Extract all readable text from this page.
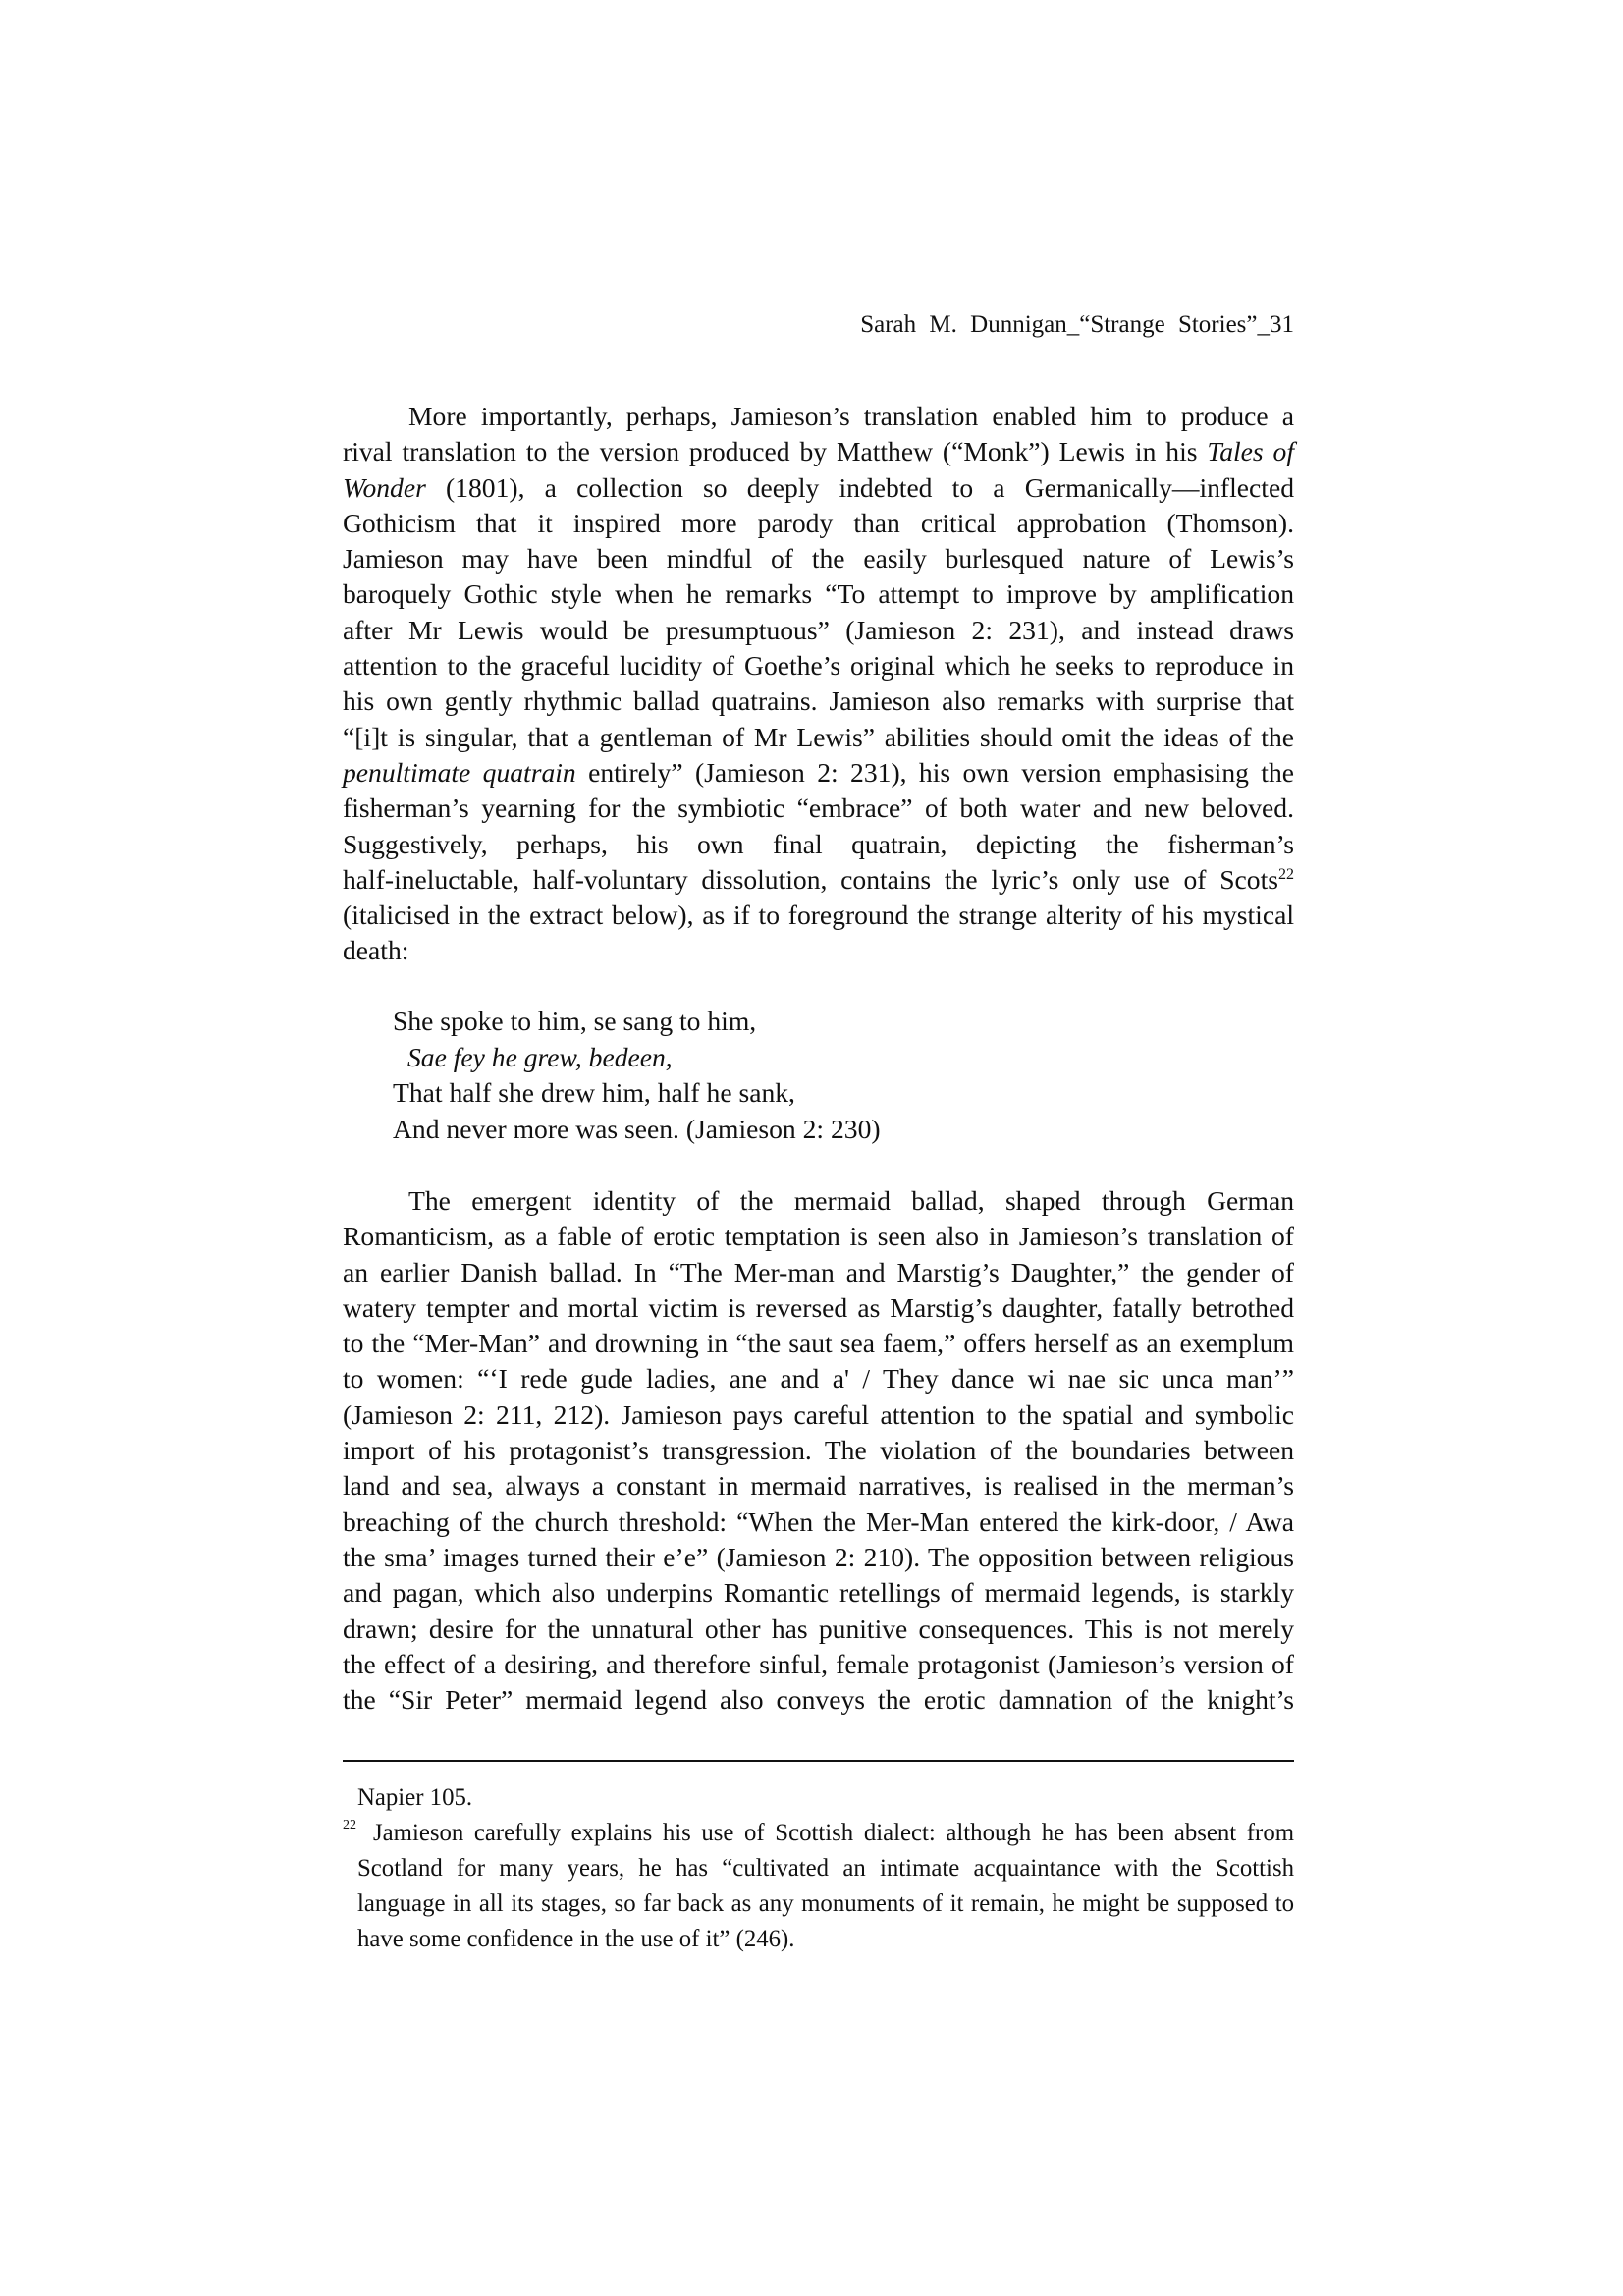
Sarah M. Dunnigan_“Strange Stories”_31
More importantly, perhaps, Jamieson’s translation enabled him to produce a
rival translation to the version produced by Matthew (“Monk”) Lewis in his Tales of
Wonder (1801), a collection so deeply indebted to a Germanically—inflected
Gothicism that it inspired more parody than critical approbation (Thomson).
Jamieson may have been mindful of the easily burlesqued nature of Lewis’s
baroquely Gothic style when he remarks “To attempt to improve by amplification
after Mr Lewis would be presumptuous” (Jamieson 2: 231), and instead draws
attention to the graceful lucidity of Goethe’s original which he seeks to reproduce in
his own gently rhythmic ballad quatrains. Jamieson also remarks with surprise that
“[i]t is singular, that a gentleman of Mr Lewis” abilities should omit the ideas of the
penultimate quatrain entirely” (Jamieson 2: 231), his own version emphasising the
fisherman’s yearning for the symbiotic “embrace” of both water and new beloved.
Suggestively, perhaps, his own final quatrain, depicting the fisherman’s
half-ineluctable, half-voluntary dissolution, contains the lyric’s only use of Scots$^{22}$
(italicised in the extract below), as if to foreground the strange alterity of his mystical
death:
She spoke to him, se sang to him,
Sae fey he grew, bedeen,
That half she drew him, half he sank,
And never more was seen. (Jamieson 2: 230)
The emergent identity of the mermaid ballad, shaped through German
Romanticism, as a fable of erotic temptation is seen also in Jamieson’s translation of
an earlier Danish ballad. In “The Mer-man and Marstig’s Daughter,” the gender of
watery tempter and mortal victim is reversed as Marstig’s daughter, fatally betrothed
to the “Mer-Man” and drowning in “the saut sea faem,” offers herself as an exemplum
to women: “‘I rede gude ladies, ane and a' / They dance wi nae sic unca man’”
(Jamieson 2: 211, 212). Jamieson pays careful attention to the spatial and symbolic
import of his protagonist’s transgression. The violation of the boundaries between
land and sea, always a constant in mermaid narratives, is realised in the merman’s
breaching of the church threshold: “When the Mer-Man entered the kirk-door, / Awa
the sma’ images turned their e’e” (Jamieson 2: 210). The opposition between religious
and pagan, which also underpins Romantic retellings of mermaid legends, is starkly
drawn; desire for the unnatural other has punitive consequences. This is not merely
the effect of a desiring, and therefore sinful, female protagonist (Jamieson’s version of
the “Sir Peter” mermaid legend also conveys the erotic damnation of the knight’s
Napier 105.
22 Jamieson carefully explains his use of Scottish dialect: although he has been absent from
Scotland for many years, he has “cultivated an intimate acquaintance with the Scottish
language in all its stages, so far back as any monuments of it remain, he might be supposed to
have some confidence in the use of it” (246).
